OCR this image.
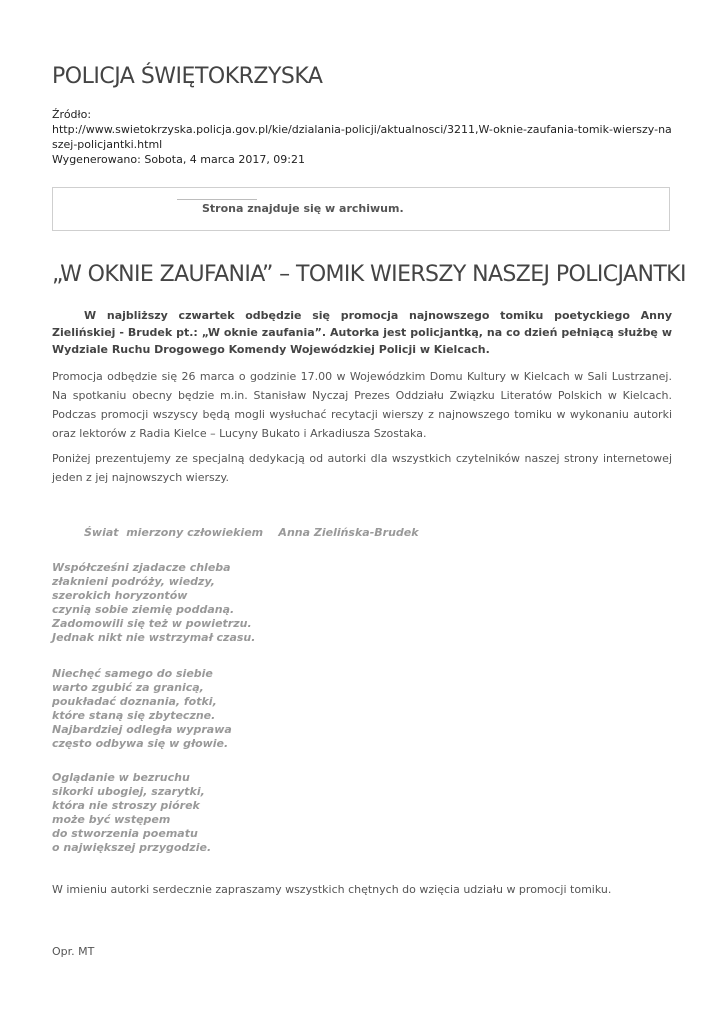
POLICJA ŚWIĘTOKRZYSKA
Źródło:
http://www.swietokrzyska.policja.gov.pl/kie/dzialania-policji/aktualnosci/3211,W-oknie-zaufania-tomik-wierszy-naszej-policjantki.html
Wygenerowano: Sobota, 4 marca 2017, 09:21
Strona znajduje się w archiwum.
„W OKNIE ZAUFANIA” – TOMIK WIERSZY NASZEJ POLICJANTKI

W najbliższy czwartek odbędzie się promocja najnowszego tomiku poetyckiego Anny Zielińskiej - Brudek pt.: „W oknie zaufania”. Autorka jest policjantką, na co dzień pełniącą służbę w Wydziale Ruchu Drogowego Komendy Wojewódzkiej Policji w Kielcach.

Promocja odbędzie się 26 marca o godzinie 17.00 w Wojewódzkim Domu Kultury w Kielcach w Sali Lustrzanej. Na spotkaniu obecny będzie m.in. Stanisław Nyczaj Prezes Oddziału Związku Literatów Polskich w Kielcach. Podczas promocji wszyscy będą mogli wysłuchać recytacji wierszy z najnowszego tomiku w wykonaniu autorki oraz lektorów z Radia Kielce – Lucyny Bukato i Arkadiusza Szostaka.

Poniżej prezentujemy ze specjalną dedykacją od autorki dla wszystkich czytelników naszej strony internetowej jeden z jej najnowszych wierszy.

Świat  mierzony człowiekiem    Anna Zielińska-Brudek
Współcześni zjadacze chleba
złaknieni podróży, wiedzy,
szerokich horyzontów
czynią sobie ziemię poddaną.
Zadomowili się też w powietrzu.
Jednak nikt nie wstrzymał czasu.
Niechęć samego do siebie
warto zgubić za granicą,
poukładać doznania, fotki,
które staną się zbyteczne.
Najbardziej odległa wyprawa
często odbywa się w głowie.
Oglądanie w bezruchu
sikorki ubogiej, szarytki,
która nie stroszy piórek
może być wstępem
do stworzenia poematu
o największej przygodzie.

W imieniu autorki serdecznie zapraszamy wszystkich chętnych do wzięcia udziału w promocji tomiku.

Opr. MT
